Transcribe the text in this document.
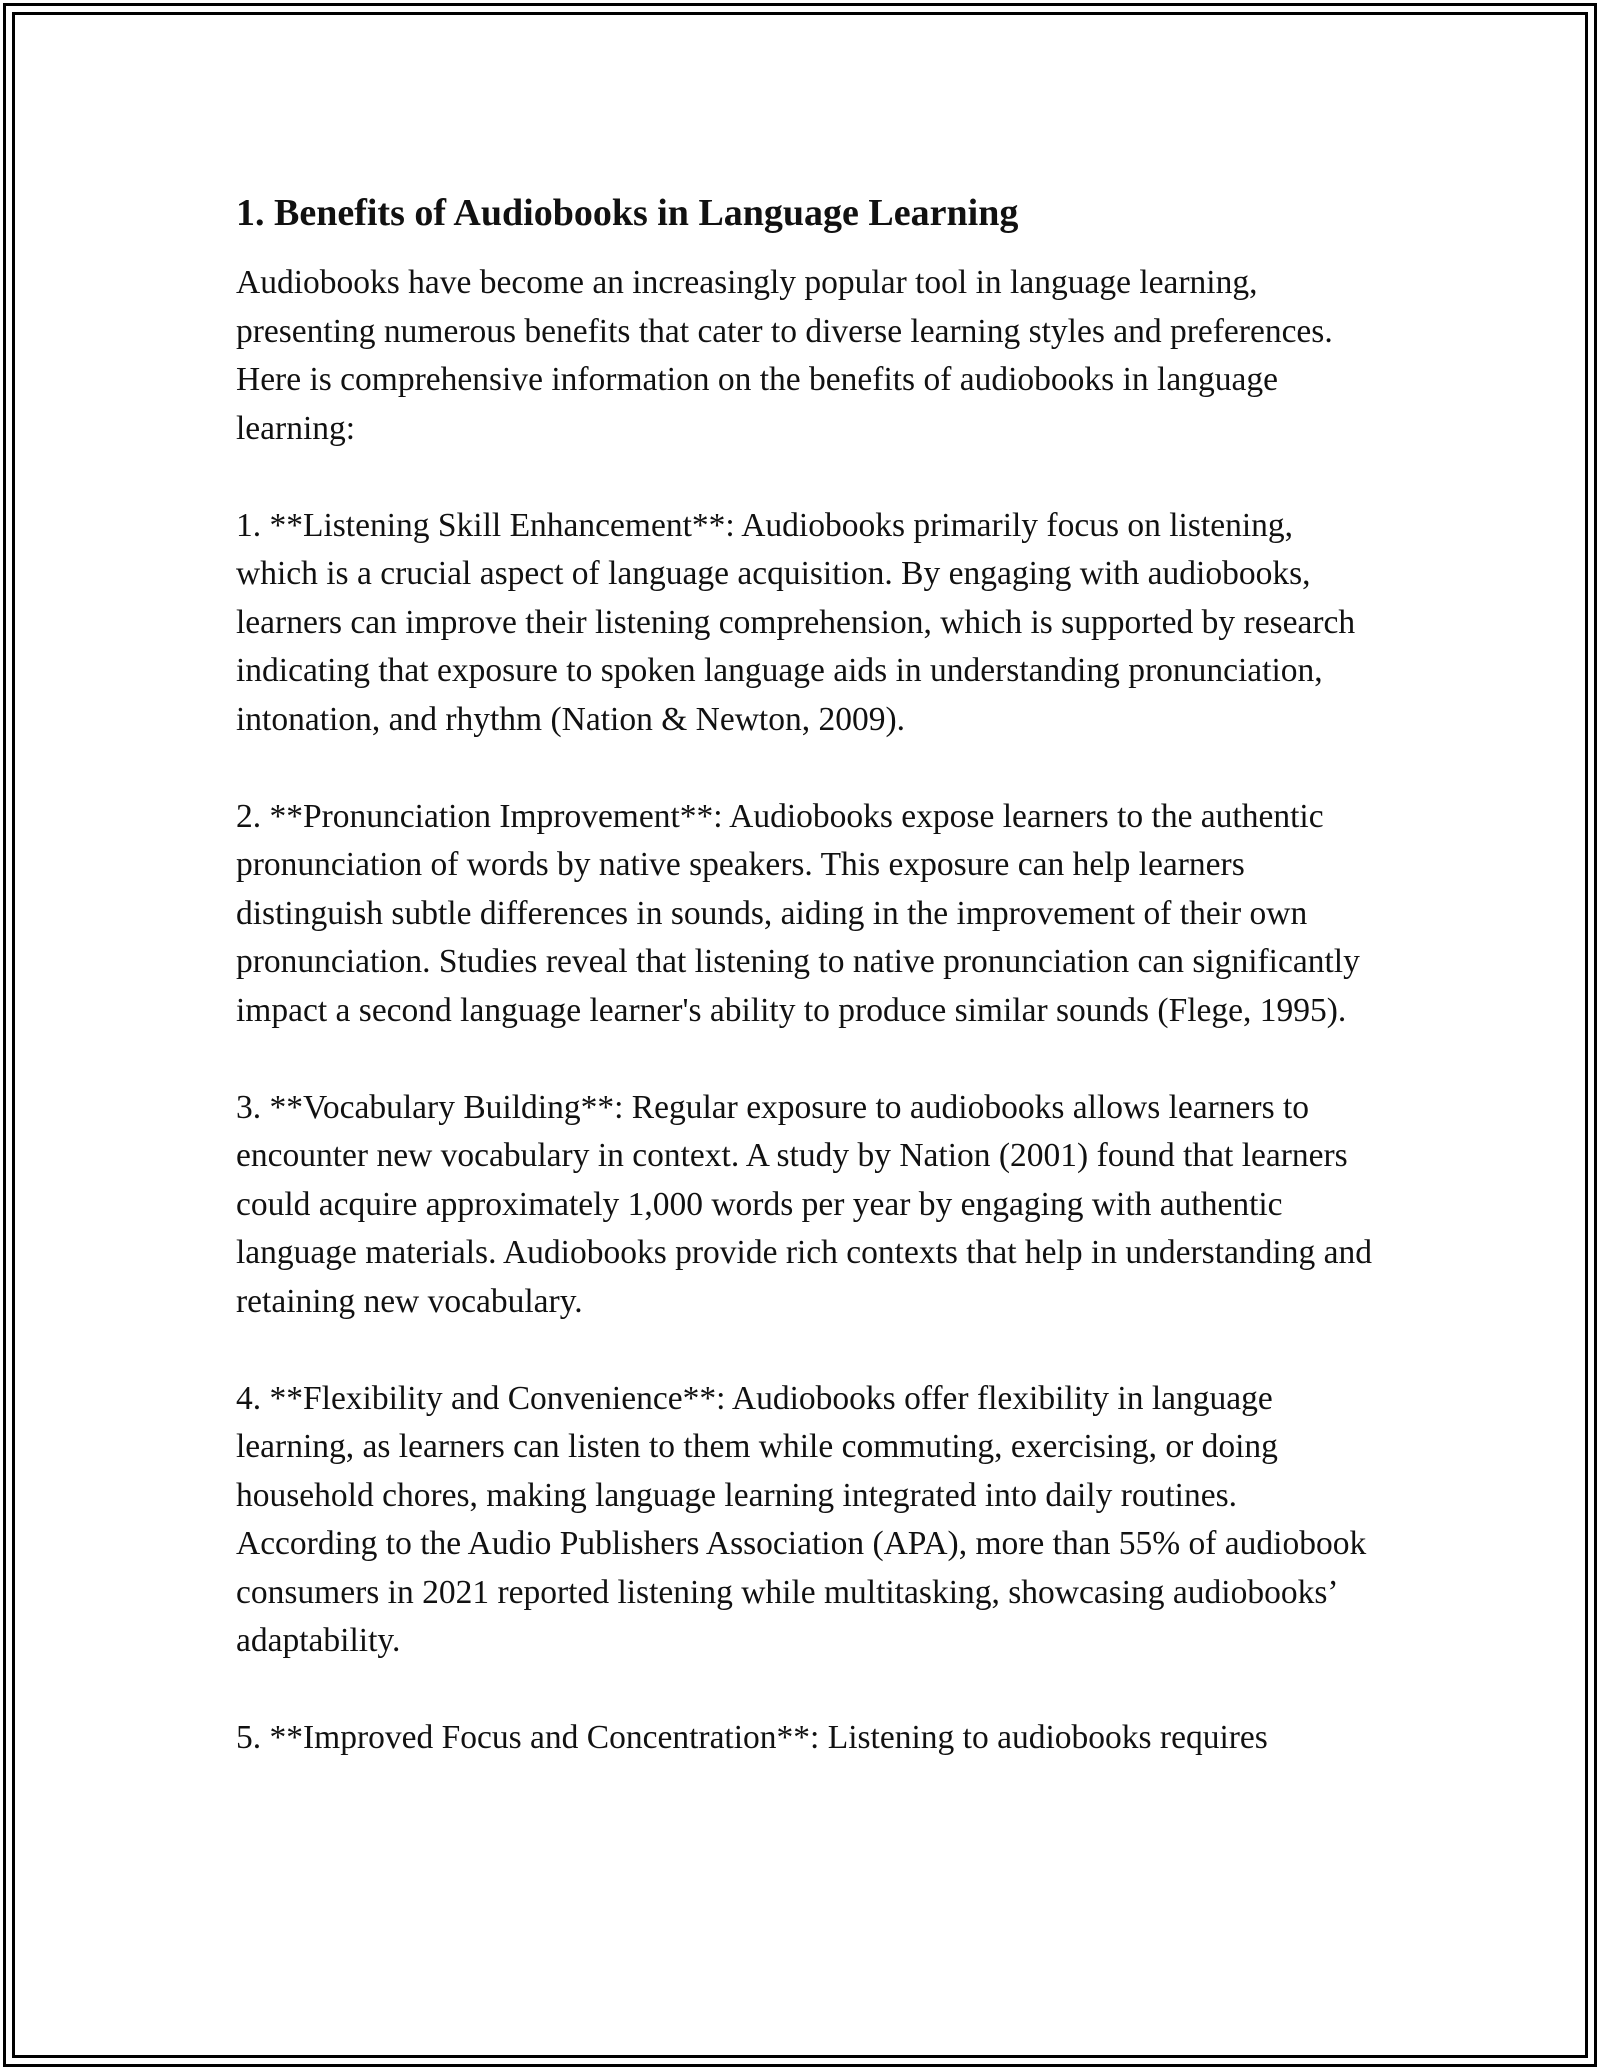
1. Benefits of Audiobooks in Language Learning

Audiobooks have become an increasingly popular tool in language learning, presenting numerous benefits that cater to diverse learning styles and preferences. Here is comprehensive information on the benefits of audiobooks in language learning:

1. **Listening Skill Enhancement**: Audiobooks primarily focus on listening, which is a crucial aspect of language acquisition. By engaging with audiobooks, learners can improve their listening comprehension, which is supported by research indicating that exposure to spoken language aids in understanding pronunciation, intonation, and rhythm (Nation & Newton, 2009).

2. **Pronunciation Improvement**: Audiobooks expose learners to the authentic pronunciation of words by native speakers. This exposure can help learners distinguish subtle differences in sounds, aiding in the improvement of their own pronunciation. Studies reveal that listening to native pronunciation can significantly impact a second language learner's ability to produce similar sounds (Flege, 1995).

3. **Vocabulary Building**: Regular exposure to audiobooks allows learners to encounter new vocabulary in context. A study by Nation (2001) found that learners could acquire approximately 1,000 words per year by engaging with authentic language materials. Audiobooks provide rich contexts that help in understanding and retaining new vocabulary.

4. **Flexibility and Convenience**: Audiobooks offer flexibility in language learning, as learners can listen to them while commuting, exercising, or doing household chores, making language learning integrated into daily routines. According to the Audio Publishers Association (APA), more than 55% of audiobook consumers in 2021 reported listening while multitasking, showcasing audiobooks’ adaptability.

5. **Improved Focus and Concentration**: Listening to audiobooks requires
